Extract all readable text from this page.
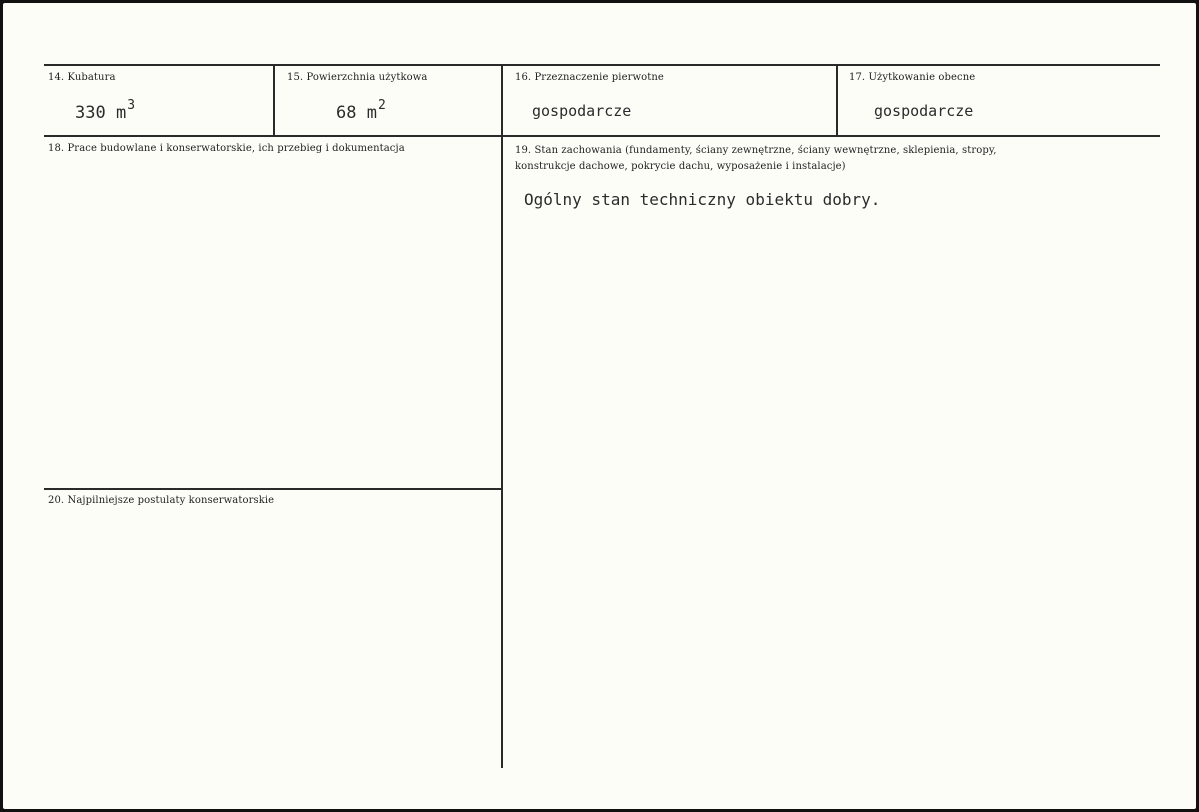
14. Kubatura
330 $m^3$
15. Powierzchnia użytkowa
68 $m^2$
16. Przeznaczenie pierwotne
gospodarcze
17. Użytkowanie obecne
gospodarcze
18. Prace budowlane i konserwatorskie, ich przebieg i dokumentacja	19. Stan zachowania (fundamenty, ściany zewnętrzne, ściany wewnętrzne, sklepienia, stropy, konstrukcje dachowe, pokrycie dachu, wyposażenie i instalacje)
Ogólny stan techniczny obiektu dobry.
20. Najpilniejsze postulaty konserwatorskie
